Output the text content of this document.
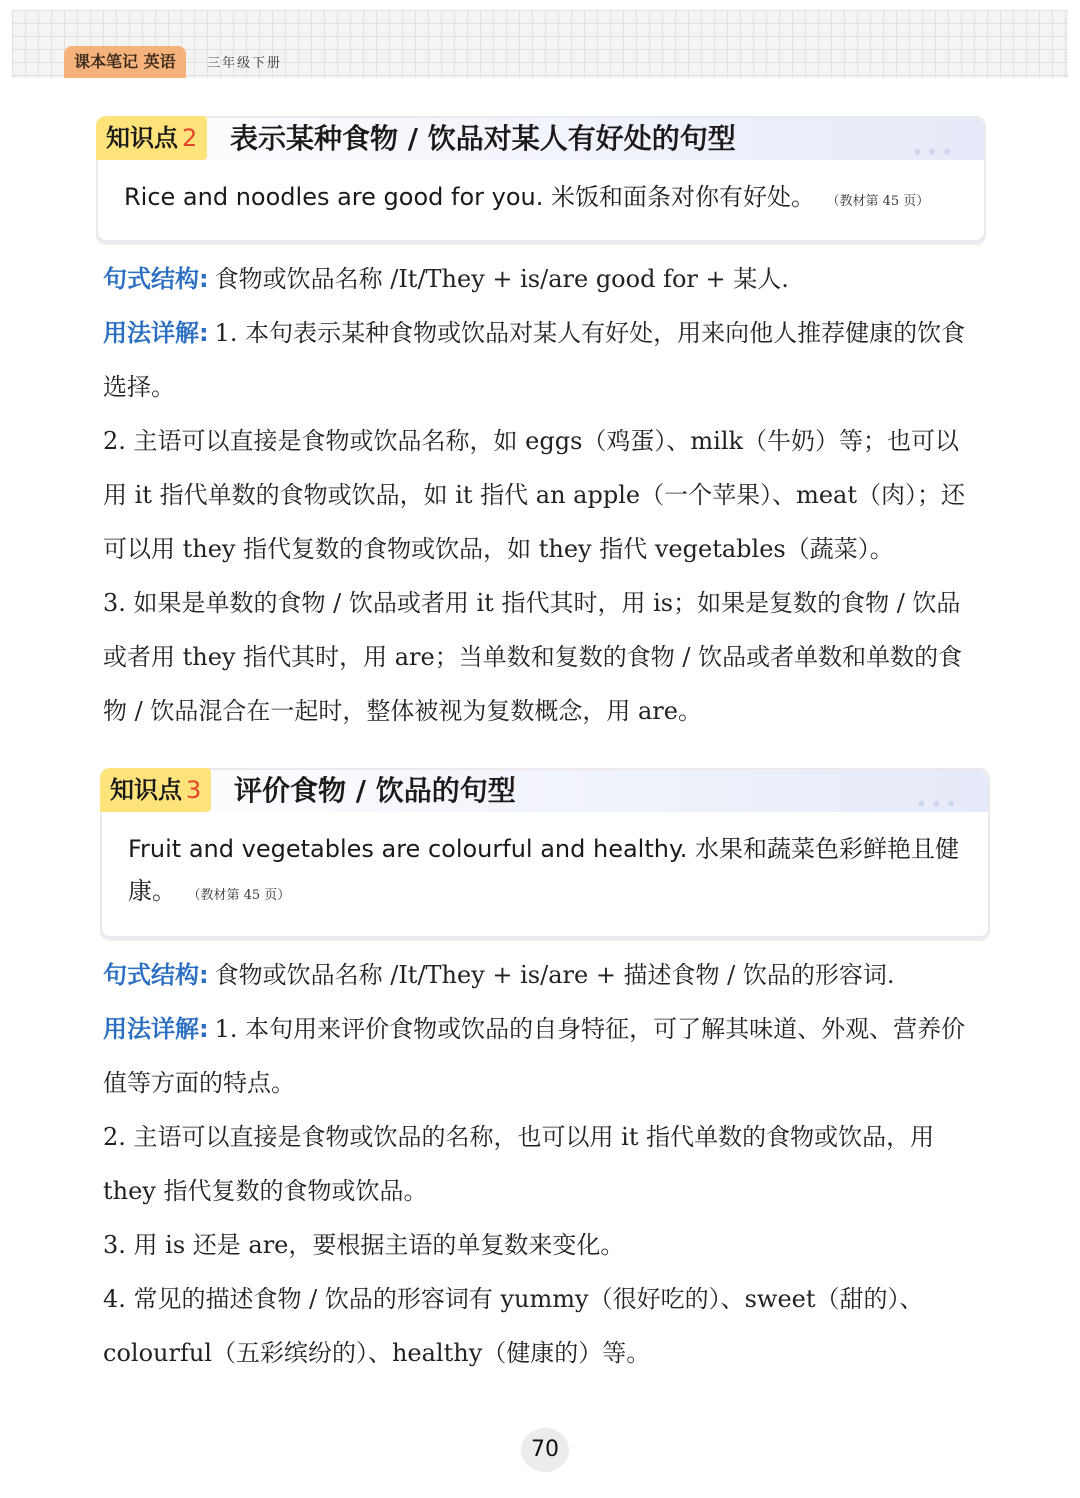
课本笔记 英语	三年级下册
知识点 2	表示某种食物 / 饮品对某人有好处的句型	•••
Rice and noodles are good for you. 米饭和面条对你有好处。 （教材第 45 页）
句式结构: 食物或饮品名称 /It/They + is/are good for + 某人.
用法详解: 1. 本句表示某种食物或饮品对某人有好处，用来向他人推荐健康的饮食选择。
2. 主语可以直接是食物或饮品名称，如 eggs（鸡蛋）、milk（牛奶）等；也可以用 it 指代单数的食物或饮品，如 it 指代 an apple（一个苹果）、meat（肉）；还可以用 they 指代复数的食物或饮品，如 they 指代 vegetables（蔬菜）。
3. 如果是单数的食物 / 饮品或者用 it 指代其时，用 is；如果是复数的食物 / 饮品或者用 they 指代其时，用 are；当单数和复数的食物 / 饮品或者单数和单数的食物 / 饮品混合在一起时，整体被视为复数概念，用 are。
知识点 3	评价食物 / 饮品的句型	•••
Fruit and vegetables are colourful and healthy. 水果和蔬菜色彩鲜艳且健康。 （教材第 45 页）
句式结构: 食物或饮品名称 /It/They + is/are + 描述食物 / 饮品的形容词.
用法详解: 1. 本句用来评价食物或饮品的自身特征，可了解其味道、外观、营养价值等方面的特点。
2. 主语可以直接是食物或饮品的名称，也可以用 it 指代单数的食物或饮品，用 they 指代复数的食物或饮品。
3. 用 is 还是 are，要根据主语的单复数来变化。
4. 常见的描述食物 / 饮品的形容词有 yummy（很好吃的）、sweet（甜的）、colourful（五彩缤纷的）、healthy（健康的）等。
70
